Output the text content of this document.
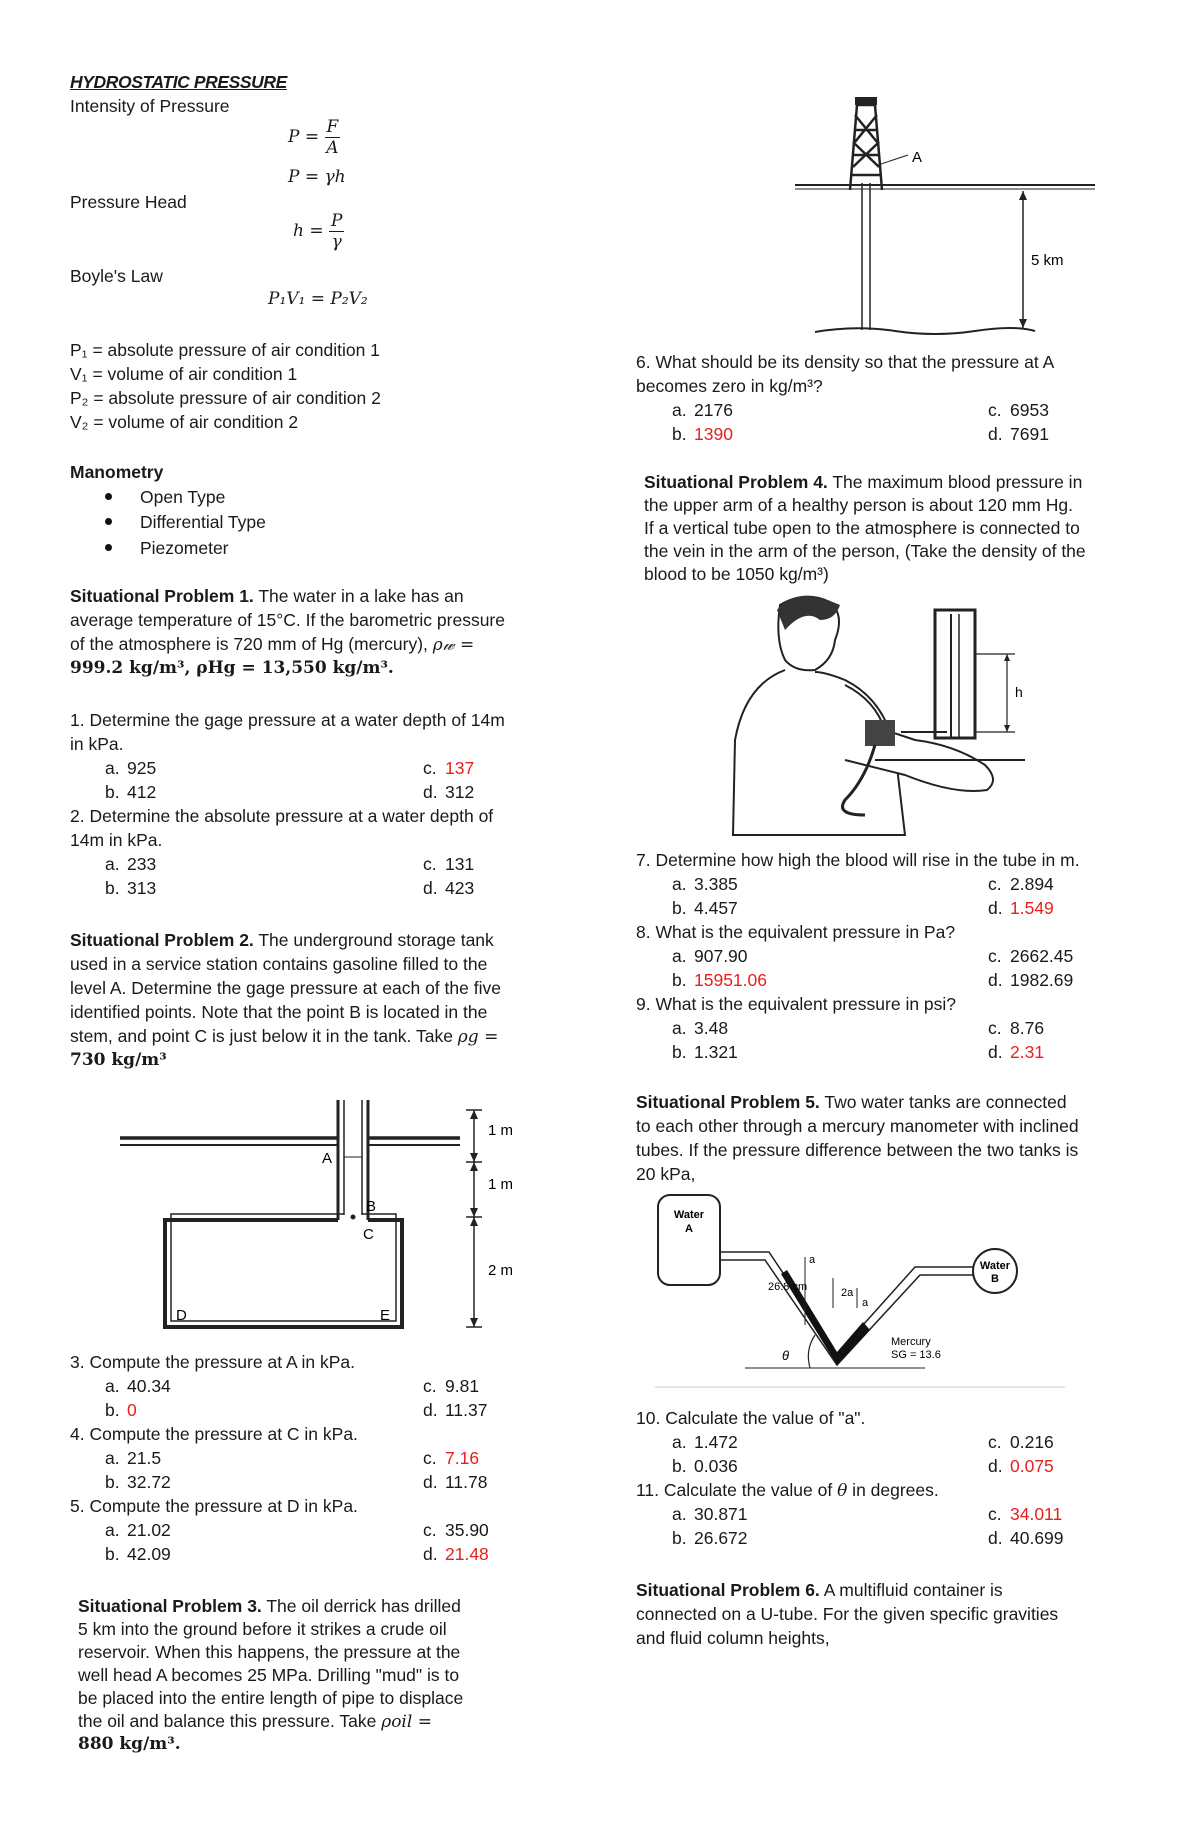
HYDROSTATIC PRESSURE
Intensity of Pressure
$P = \frac{F}{A}$
P = γh
Pressure Head
$h = \frac{P}{\gamma}$
Boyle's Law
P₁V₁ = P₂V₂
P₁ = absolute pressure of air condition 1
V₁ = volume of air condition 1
P₂ = absolute pressure of air condition 2
V₂ = volume of air condition 2
Manometry
Open Type
Differential Type
Piezometer
Situational Problem 1. The water in a lake has an
average temperature of 15°C. If the barometric pressure
of the atmosphere is 720 mm of Hg (mercury), ρ𝓌 =
999.2 kg/m³, ρHg = 13,550 kg/m³.
1. Determine the gage pressure at a water depth of 14m
in kPa.
a. 925	c. 137
b. 412	d. 312
2. Determine the absolute pressure at a water depth of
14m in kPa.
a. 233	c. 131
b. 313	d. 423
Situational Problem 2. The underground storage tank
used in a service station contains gasoline filled to the
level A. Determine the gage pressure at each of the five
identified points. Note that the point B is located in the
stem, and point C is just below it in the tank. Take ρg =
730 kg/m³
A
B
C
D	E
1 m
1 m
2 m
3. Compute the pressure at A in kPa.
a. 40.34	c. 9.81
b. 0	d. 11.37
4. Compute the pressure at C in kPa.
a. 21.5	c. 7.16
b. 32.72	d. 11.78
5. Compute the pressure at D in kPa.
a. 21.02	c. 35.90
b. 42.09	d. 21.48
Situational Problem 3. The oil derrick has drilled
5 km into the ground before it strikes a crude oil
reservoir. When this happens, the pressure at the
well head A becomes 25 MPa. Drilling "mud" is to
be placed into the entire length of pipe to displace
the oil and balance this pressure. Take ρoil =
880 kg/m³.
A
5 km
6. What should be its density so that the pressure at A
becomes zero in kg/m³?
a. 2176	c. 6953
b. 1390	d. 7691
Situational Problem 4. The maximum blood pressure in
the upper arm of a healthy person is about 120 mm Hg.
If a vertical tube open to the atmosphere is connected to
the vein in the arm of the person, (Take the density of the
blood to be 1050 kg/m³)
h
7. Determine how high the blood will rise in the tube in m.
a. 3.385	c. 2.894
b. 4.457	d. 1.549
8. What is the equivalent pressure in Pa?
a. 907.90	c. 2662.45
b. 15951.06	d. 1982.69
9. What is the equivalent pressure in psi?
a. 3.48	c. 8.76
b. 1.321	d. 2.31
Situational Problem 5. Two water tanks are connected
to each other through a mercury manometer with inclined
tubes. If the pressure difference between the two tanks is
20 kPa,
Water
A
Water
B
a
26.8 cm	2a
a
θ
Mercury
SG = 13.6
10. Calculate the value of "a".
a. 1.472	c. 0.216
b. 0.036	d. 0.075
11. Calculate the value of θ in degrees.
a. 30.871	c. 34.011
b. 26.672	d. 40.699
Situational Problem 6. A multifluid container is
connected on a U-tube. For the given specific gravities
and fluid column heights,
